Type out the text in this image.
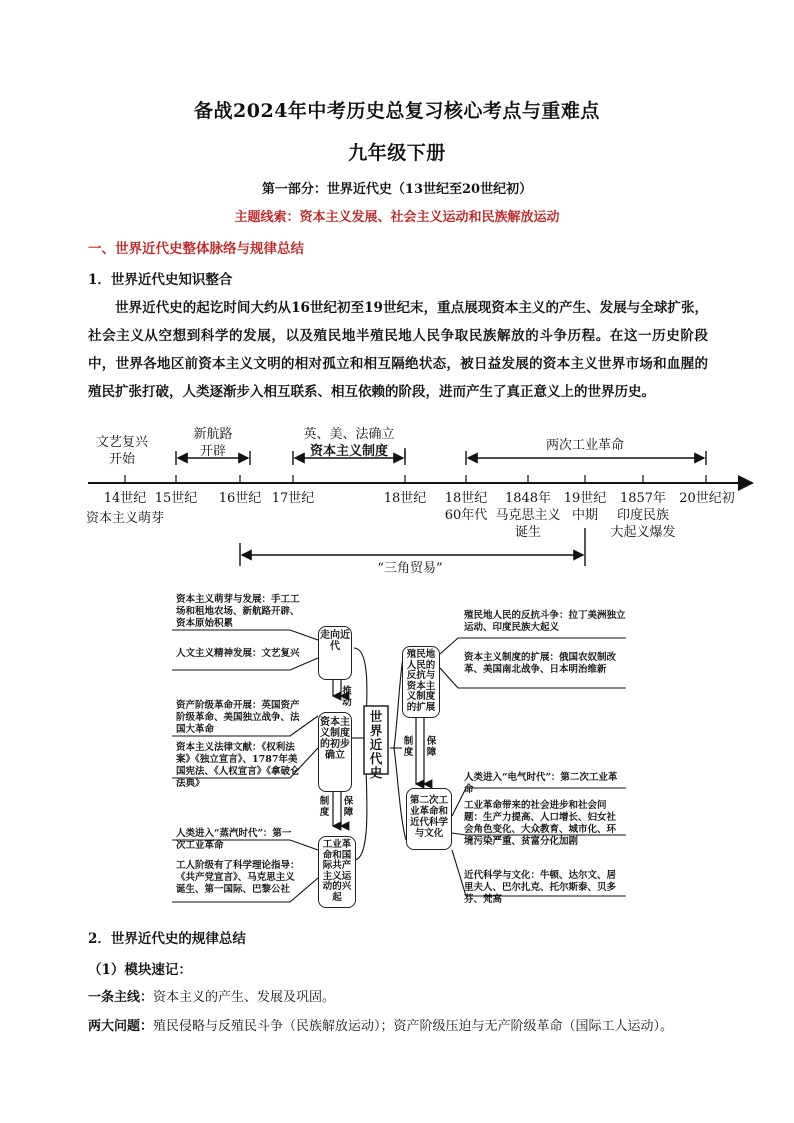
备战2024年中考历史总复习核心考点与重难点
九年级下册
第一部分：世界近代史（13世纪至20世纪初）
主题线索：资本主义发展、社会主义运动和民族解放运动
一、世界近代史整体脉络与规律总结
1．世界近代史知识整合
世界近代史的起讫时间大约从16世纪初至19世纪末，重点展现资本主义的产生、发展与全球扩张，社会主义从空想到科学的发展，以及殖民地半殖民地人民争取民族解放的斗争历程。在这一历史阶段中，世界各地区前资本主义文明的相对孤立和相互隔绝状态，被日益发展的资本主义世界市场和血腥的殖民扩张打破，人类逐渐步入相互联系、相互依赖的阶段，进而产生了真正意义上的世界历史。
文艺复兴
开始
新航路
开辟
英、美、法确立
资本主义制度	两次工业革命
14世纪
资本主义萌芽
15世纪	16世纪 17世纪	18世纪	18世纪
60年代
1848年
马克思主义
诞生
19世纪
中期
1857年
印度民族
大起义爆发
20世纪初
“三角贸易”
资本主义萌芽与发展：手工工场和租地农场、新航路开辟、资本原始积累
人文主义精神发展：文艺复兴
资产阶级革命开展：英国资产阶级革命、美国独立战争、法国大革命
资本主义法律文献：《权利法案》《独立宣言》、1787年美国宪法、《人权宣言》《拿破仑法典》
人类进入“蒸汽时代”：第一次工业革命
工人阶级有了科学理论指导：《共产党宣言》、马克思主义诞生、第一国际、巴黎公社
走向近代
资本主义制度的初步确立
工业革命和国际共产主义运动的兴起
殖民地人民的反抗与资本主义制度的扩展
第二次工业革命和近代科学与文化
世界近代史
推动
制度
保障
制度
保障
殖民地人民的反抗斗争：拉丁美洲独立运动、印度民族大起义
资本主义制度的扩展：俄国农奴制改革、美国南北战争、日本明治维新
人类进入“电气时代”：第二次工业革命
工业革命带来的社会进步和社会问题：生产力提高、人口增长、妇女社会角色变化、大众教育、城市化、环境污染严重、贫富分化加剧
近代科学与文化：牛顿、达尔文、居里夫人、巴尔扎克、托尔斯泰、贝多芬、梵高
2．世界近代史的规律总结
（1）模块速记：
一条主线：资本主义的产生、发展及巩固。
两大问题：殖民侵略与反殖民斗争（民族解放运动）；资产阶级压迫与无产阶级革命（国际工人运动）。
